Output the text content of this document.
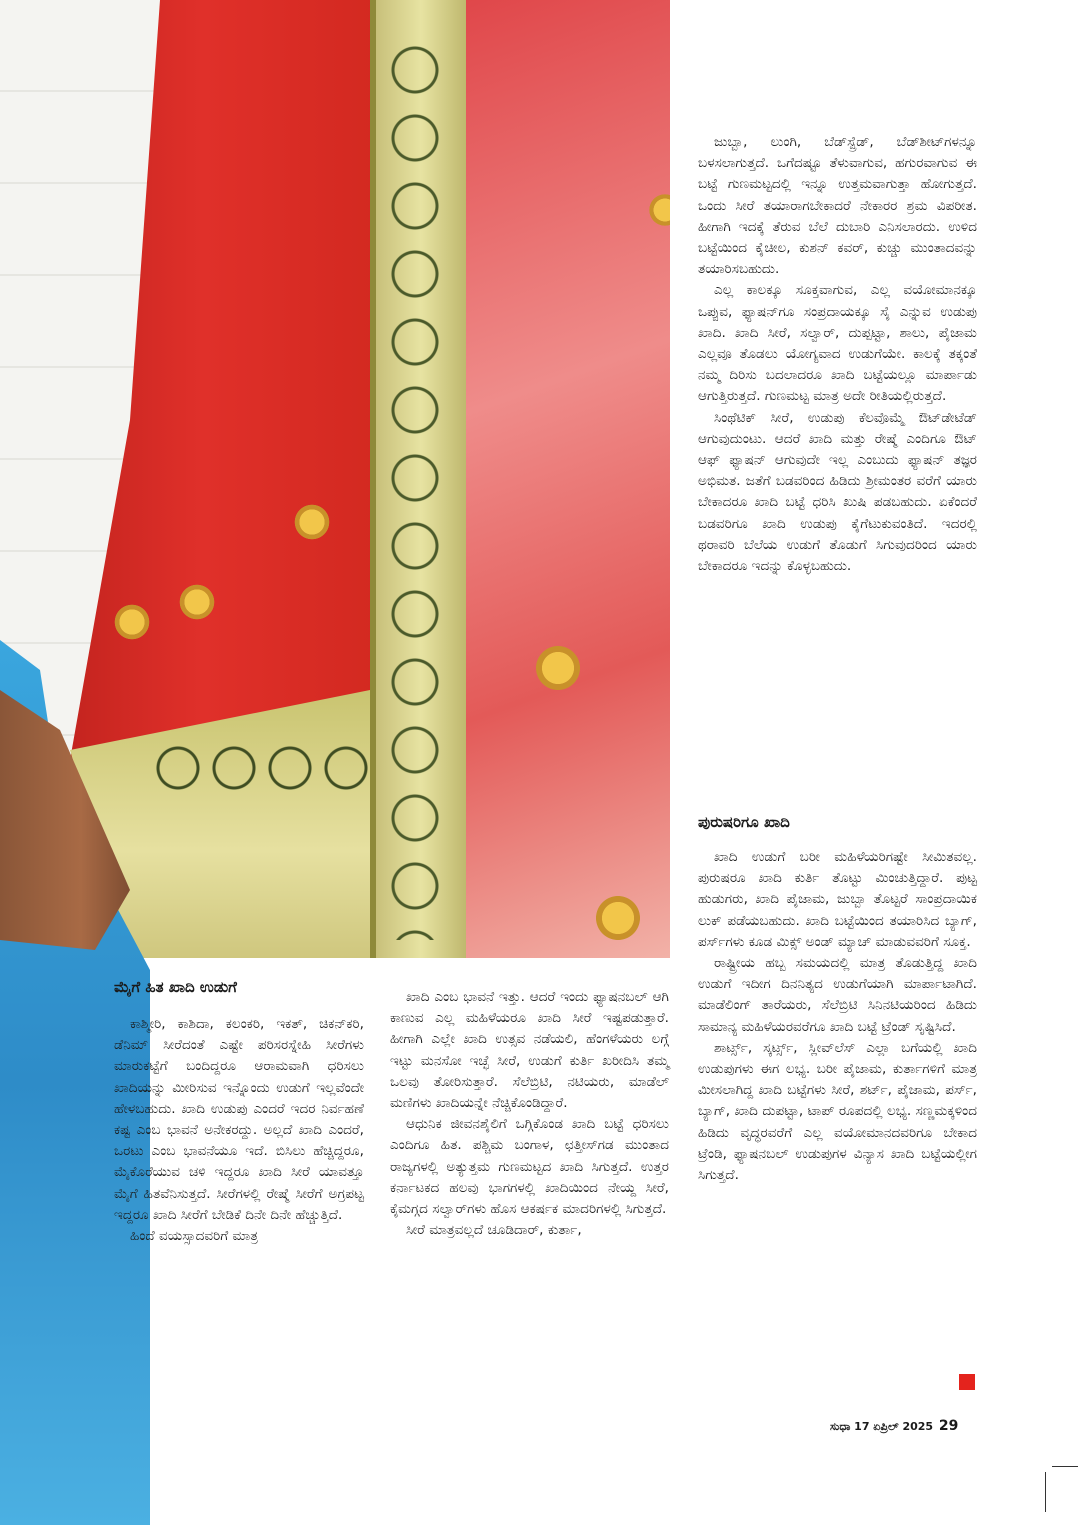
ಜುಬ್ಬಾ, ಲುಂಗಿ, ಬೆಡ್‌ಸ್ಪ್ರೆಡ್, ಬೆಡ್‌ಶೀಟ್‌ಗಳನ್ನೂ ಬಳಸಲಾಗುತ್ತದೆ. ಒಗೆದಷ್ಟೂ ತೆಳುವಾಗುವ, ಹಗುರವಾಗುವ ಈ ಬಟ್ಟೆ ಗುಣಮಟ್ಟದಲ್ಲಿ ಇನ್ನೂ ಉತ್ತಮವಾಗುತ್ತಾ ಹೋಗುತ್ತದೆ. ಒಂದು ಸೀರೆ ತಯಾರಾಗಬೇಕಾದರೆ ನೇಕಾರರ ಶ್ರಮ ವಿಪರೀತ. ಹೀಗಾಗಿ ಇದಕ್ಕೆ ತೆರುವ ಬೆಲೆ ದುಬಾರಿ ಎನಿಸಲಾರದು. ಉಳಿದ ಬಟ್ಟೆಯಿಂದ ಕೈಚೀಲ, ಕುಶನ್ ಕವರ್, ಕುಚ್ಚು ಮುಂತಾದವನ್ನು ತಯಾರಿಸಬಹುದು.

ಎಲ್ಲ ಕಾಲಕ್ಕೂ ಸೂಕ್ತವಾಗುವ, ಎಲ್ಲ ವಯೋಮಾನಕ್ಕೂ ಒಪ್ಪುವ, ಫ್ಯಾಷನ್‌ಗೂ ಸಂಪ್ರದಾಯಕ್ಕೂ ಸೈ ಎನ್ನುವ ಉಡುಪು ಖಾದಿ. ಖಾದಿ ಸೀರೆ, ಸಲ್ವಾರ್, ದುಪ್ಪಟ್ಟಾ, ಶಾಲು, ಪೈಜಾಮ ಎಲ್ಲವೂ ತೊಡಲು ಯೋಗ್ಯವಾದ ಉಡುಗೆಯೇ. ಕಾಲಕ್ಕೆ ತಕ್ಕಂತೆ ನಮ್ಮ ದಿರಿಸು ಬದಲಾದರೂ ಖಾದಿ ಬಟ್ಟೆಯಲ್ಲೂ ಮಾರ್ಪಾಡು ಆಗುತ್ತಿರುತ್ತದೆ. ಗುಣಮಟ್ಟ ಮಾತ್ರ ಅದೇ ರೀತಿಯಲ್ಲಿರುತ್ತದೆ.

ಸಿಂಥೆಟಿಕ್ ಸೀರೆ, ಉಡುಪು ಕೆಲವೊಮ್ಮೆ ಔಟ್‌ಡೇಟೆಡ್ ಆಗುವುದುಂಟು. ಆದರೆ ಖಾದಿ ಮತ್ತು ರೇಷ್ಮೆ ಎಂದಿಗೂ ಔಟ್ ಆಫ್ ಫ್ಯಾಷನ್ ಆಗುವುದೇ ಇಲ್ಲ ಎಂಬುದು ಫ್ಯಾಷನ್ ತಜ್ಞರ ಅಭಿಮತ. ಜತೆಗೆ ಬಡವರಿಂದ ಹಿಡಿದು ಶ್ರೀಮಂತರ ವರೆಗೆ ಯಾರು ಬೇಕಾದರೂ ಖಾದಿ ಬಟ್ಟೆ ಧರಿಸಿ ಖುಷಿ ಪಡಬಹುದು. ಏಕೆಂದರೆ ಬಡವರಿಗೂ ಖಾದಿ ಉಡುಪು ಕೈಗೆಟುಕುವಂತಿದೆ. ಇದರಲ್ಲಿ ಥರಾವರಿ ಬೆಲೆಯ ಉಡುಗೆ ತೊಡುಗೆ ಸಿಗುವುದರಿಂದ ಯಾರು ಬೇಕಾದರೂ ಇದನ್ನು ಕೊಳ್ಳಬಹುದು.

ಪುರುಷರಿಗೂ ಖಾದಿ

ಖಾದಿ ಉಡುಗೆ ಬರೀ ಮಹಿಳೆಯರಿಗಷ್ಟೇ ಸೀಮಿತವಲ್ಲ. ಪುರುಷರೂ ಖಾದಿ ಕುರ್ತಿ ತೊಟ್ಟು ಮಿಂಚುತ್ತಿದ್ದಾರೆ. ಪುಟ್ಟ ಹುಡುಗರು, ಖಾದಿ ಪೈಜಾಮ, ಜುಬ್ಬಾ ತೊಟ್ಟರೆ ಸಾಂಪ್ರದಾಯಿಕ ಲುಕ್ ಪಡೆಯಬಹುದು. ಖಾದಿ ಬಟ್ಟೆಯಿಂದ ತಯಾರಿಸಿದ ಬ್ಯಾಗ್, ಪರ್ಸ್‌ಗಳು ಕೂಡ ಮಿಕ್ಸ್ ಅಂಡ್ ಮ್ಯಾಚ್ ಮಾಡುವವರಿಗೆ ಸೂಕ್ತ.

ರಾಷ್ಟ್ರೀಯ ಹಬ್ಬ ಸಮಯದಲ್ಲಿ ಮಾತ್ರ ತೊಡುತ್ತಿದ್ದ ಖಾದಿ ಉಡುಗೆ ಇದೀಗ ದಿನನಿತ್ಯದ ಉಡುಗೆಯಾಗಿ ಮಾರ್ಪಾಟಾಗಿದೆ. ಮಾಡೆಲಿಂಗ್ ತಾರೆಯರು, ಸೆಲೆಬ್ರಿಟಿ ಸಿನಿನಟಿಯರಿಂದ ಹಿಡಿದು ಸಾಮಾನ್ಯ ಮಹಿಳೆಯರವರೆಗೂ ಖಾದಿ ಬಟ್ಟೆ ಟ್ರೆಂಡ್ ಸೃಷ್ಟಿಸಿದೆ.

ಶಾರ್ಟ್ಸ್, ಸ್ಕರ್ಟ್ಸ್, ಸ್ಲೀವ್‌ಲೆಸ್ ಎಲ್ಲಾ ಬಗೆಯಲ್ಲಿ ಖಾದಿ ಉಡುಪುಗಳು ಈಗ ಲಭ್ಯ. ಬರೀ ಪೈಜಾಮ, ಕುರ್ತಾಗಳಿಗೆ ಮಾತ್ರ ಮೀಸಲಾಗಿದ್ದ ಖಾದಿ ಬಟ್ಟೆಗಳು ಸೀರೆ, ಶರ್ಟ್, ಪೈಜಾಮ, ಪರ್ಸ್, ಬ್ಯಾಗ್, ಖಾದಿ ದುಪಟ್ಟಾ, ಟಾಪ್ ರೂಪದಲ್ಲಿ ಲಭ್ಯ. ಸಣ್ಣಮಕ್ಕಳಿಂದ ಹಿಡಿದು ವೃದ್ಧರವರೆಗೆ ಎಲ್ಲ ವಯೋಮಾನದವರಿಗೂ ಬೇಕಾದ ಟ್ರೆಂಡಿ, ಫ್ಯಾಷನಬಲ್ ಉಡುಪುಗಳ ವಿನ್ಯಾಸ ಖಾದಿ ಬಟ್ಟೆಯಲ್ಲೀಗ ಸಿಗುತ್ತದೆ.

ಮೈಗೆ ಹಿತ ಖಾದಿ ಉಡುಗೆ

ಕಾಶ್ಮೀರಿ, ಕಾಶಿದಾ, ಕಲಂಕರಿ, ಇಕತ್, ಚಿಕನ್‌ಕರಿ, ಡೆನಿಮ್ ಸೀರೆದಂತೆ ಎಷ್ಟೇ ಪರಿಸರಸ್ನೇಹಿ ಸೀರೆಗಳು ಮಾರುಕಟ್ಟೆಗೆ ಬಂದಿದ್ದರೂ ಆರಾಮವಾಗಿ ಧರಿಸಲು ಖಾದಿಯನ್ನು ಮೀರಿಸುವ ಇನ್ನೊಂದು ಉಡುಗೆ ಇಲ್ಲವೆಂದೇ ಹೇಳಬಹುದು. ಖಾದಿ ಉಡುಪು ಎಂದರೆ ಇದರ ನಿರ್ವಹಣೆ ಕಷ್ಟ ಎಂಬ ಭಾವನೆ ಅನೇಕರದ್ದು. ಅಲ್ಲದೆ ಖಾದಿ ಎಂದರೆ, ಒರಟು ಎಂಬ ಭಾವನೆಯೂ ಇದೆ. ಬಿಸಿಲು ಹೆಚ್ಚಿದ್ದರೂ, ಮೈಕೊರೆಯುವ ಚಳಿ ಇದ್ದರೂ ಖಾದಿ ಸೀರೆ ಯಾವತ್ತೂ ಮೈಗೆ ಹಿತವೆನಿಸುತ್ತದೆ. ಸೀರೆಗಳಲ್ಲಿ ರೇಷ್ಮೆ ಸೀರೆಗೆ ಅಗ್ರಪಟ್ಟ ಇದ್ದರೂ ಖಾದಿ ಸೀರೆಗೆ ಬೇಡಿಕೆ ದಿನೇ ದಿನೇ ಹೆಚ್ಚುತ್ತಿದೆ.

ಹಿಂದೆ ವಯಸ್ಸಾದವರಿಗೆ ಮಾತ್ರ

ಖಾದಿ ಎಂಬ ಭಾವನೆ ಇತ್ತು. ಆದರೆ ಇಂದು ಫ್ಯಾಷನಬಲ್ ಆಗಿ ಕಾಣುವ ಎಲ್ಲ ಮಹಿಳೆಯರೂ ಖಾದಿ ಸೀರೆ ಇಷ್ಟಪಡುತ್ತಾರೆ. ಹೀಗಾಗಿ ಎಲ್ಲೇ ಖಾದಿ ಉತ್ಸವ ನಡೆಯಲಿ, ಹೆಂಗಳೆಯರು ಲಗ್ಗೆ ಇಟ್ಟು ಮನಸೋ ಇಚ್ಛೆ ಸೀರೆ, ಉಡುಗೆ ಕುರ್ತಿ ಖರೀದಿಸಿ ತಮ್ಮ ಒಲವು ತೋರಿಸುತ್ತಾರೆ. ಸೆಲೆಬ್ರಿಟಿ, ನಟಿಯರು, ಮಾಡೆಲ್ ಮಣಿಗಳು ಖಾದಿಯನ್ನೇ ನೆಚ್ಚಿಕೊಂಡಿದ್ದಾರೆ.

ಆಧುನಿಕ ಜೀವನಶೈಲಿಗೆ ಒಗ್ಗಿಕೊಂಡ ಖಾದಿ ಬಟ್ಟೆ ಧರಿಸಲು ಎಂದಿಗೂ ಹಿತ. ಪಶ್ಚಿಮ ಬಂಗಾಳ, ಛತ್ತೀಸ್‌ಗಡ ಮುಂತಾದ ರಾಜ್ಯಗಳಲ್ಲಿ ಅತ್ಯುತ್ತಮ ಗುಣಮಟ್ಟದ ಖಾದಿ ಸಿಗುತ್ತದೆ. ಉತ್ತರ ಕರ್ನಾಟಕದ ಹಲವು ಭಾಗಗಳಲ್ಲಿ ಖಾದಿಯಿಂದ ನೇಯ್ದ ಸೀರೆ, ಕೈಮಗ್ಗದ ಸಲ್ವಾರ್‌ಗಳು ಹೊಸ ಆಕರ್ಷಕ ಮಾದರಿಗಳಲ್ಲಿ ಸಿಗುತ್ತದೆ.

ಸೀರೆ ಮಾತ್ರವಲ್ಲದೆ ಚೂಡಿದಾರ್, ಕುರ್ತಾ,

ಸುಧಾ 17 ಏಪ್ರಿಲ್ 2025 29
